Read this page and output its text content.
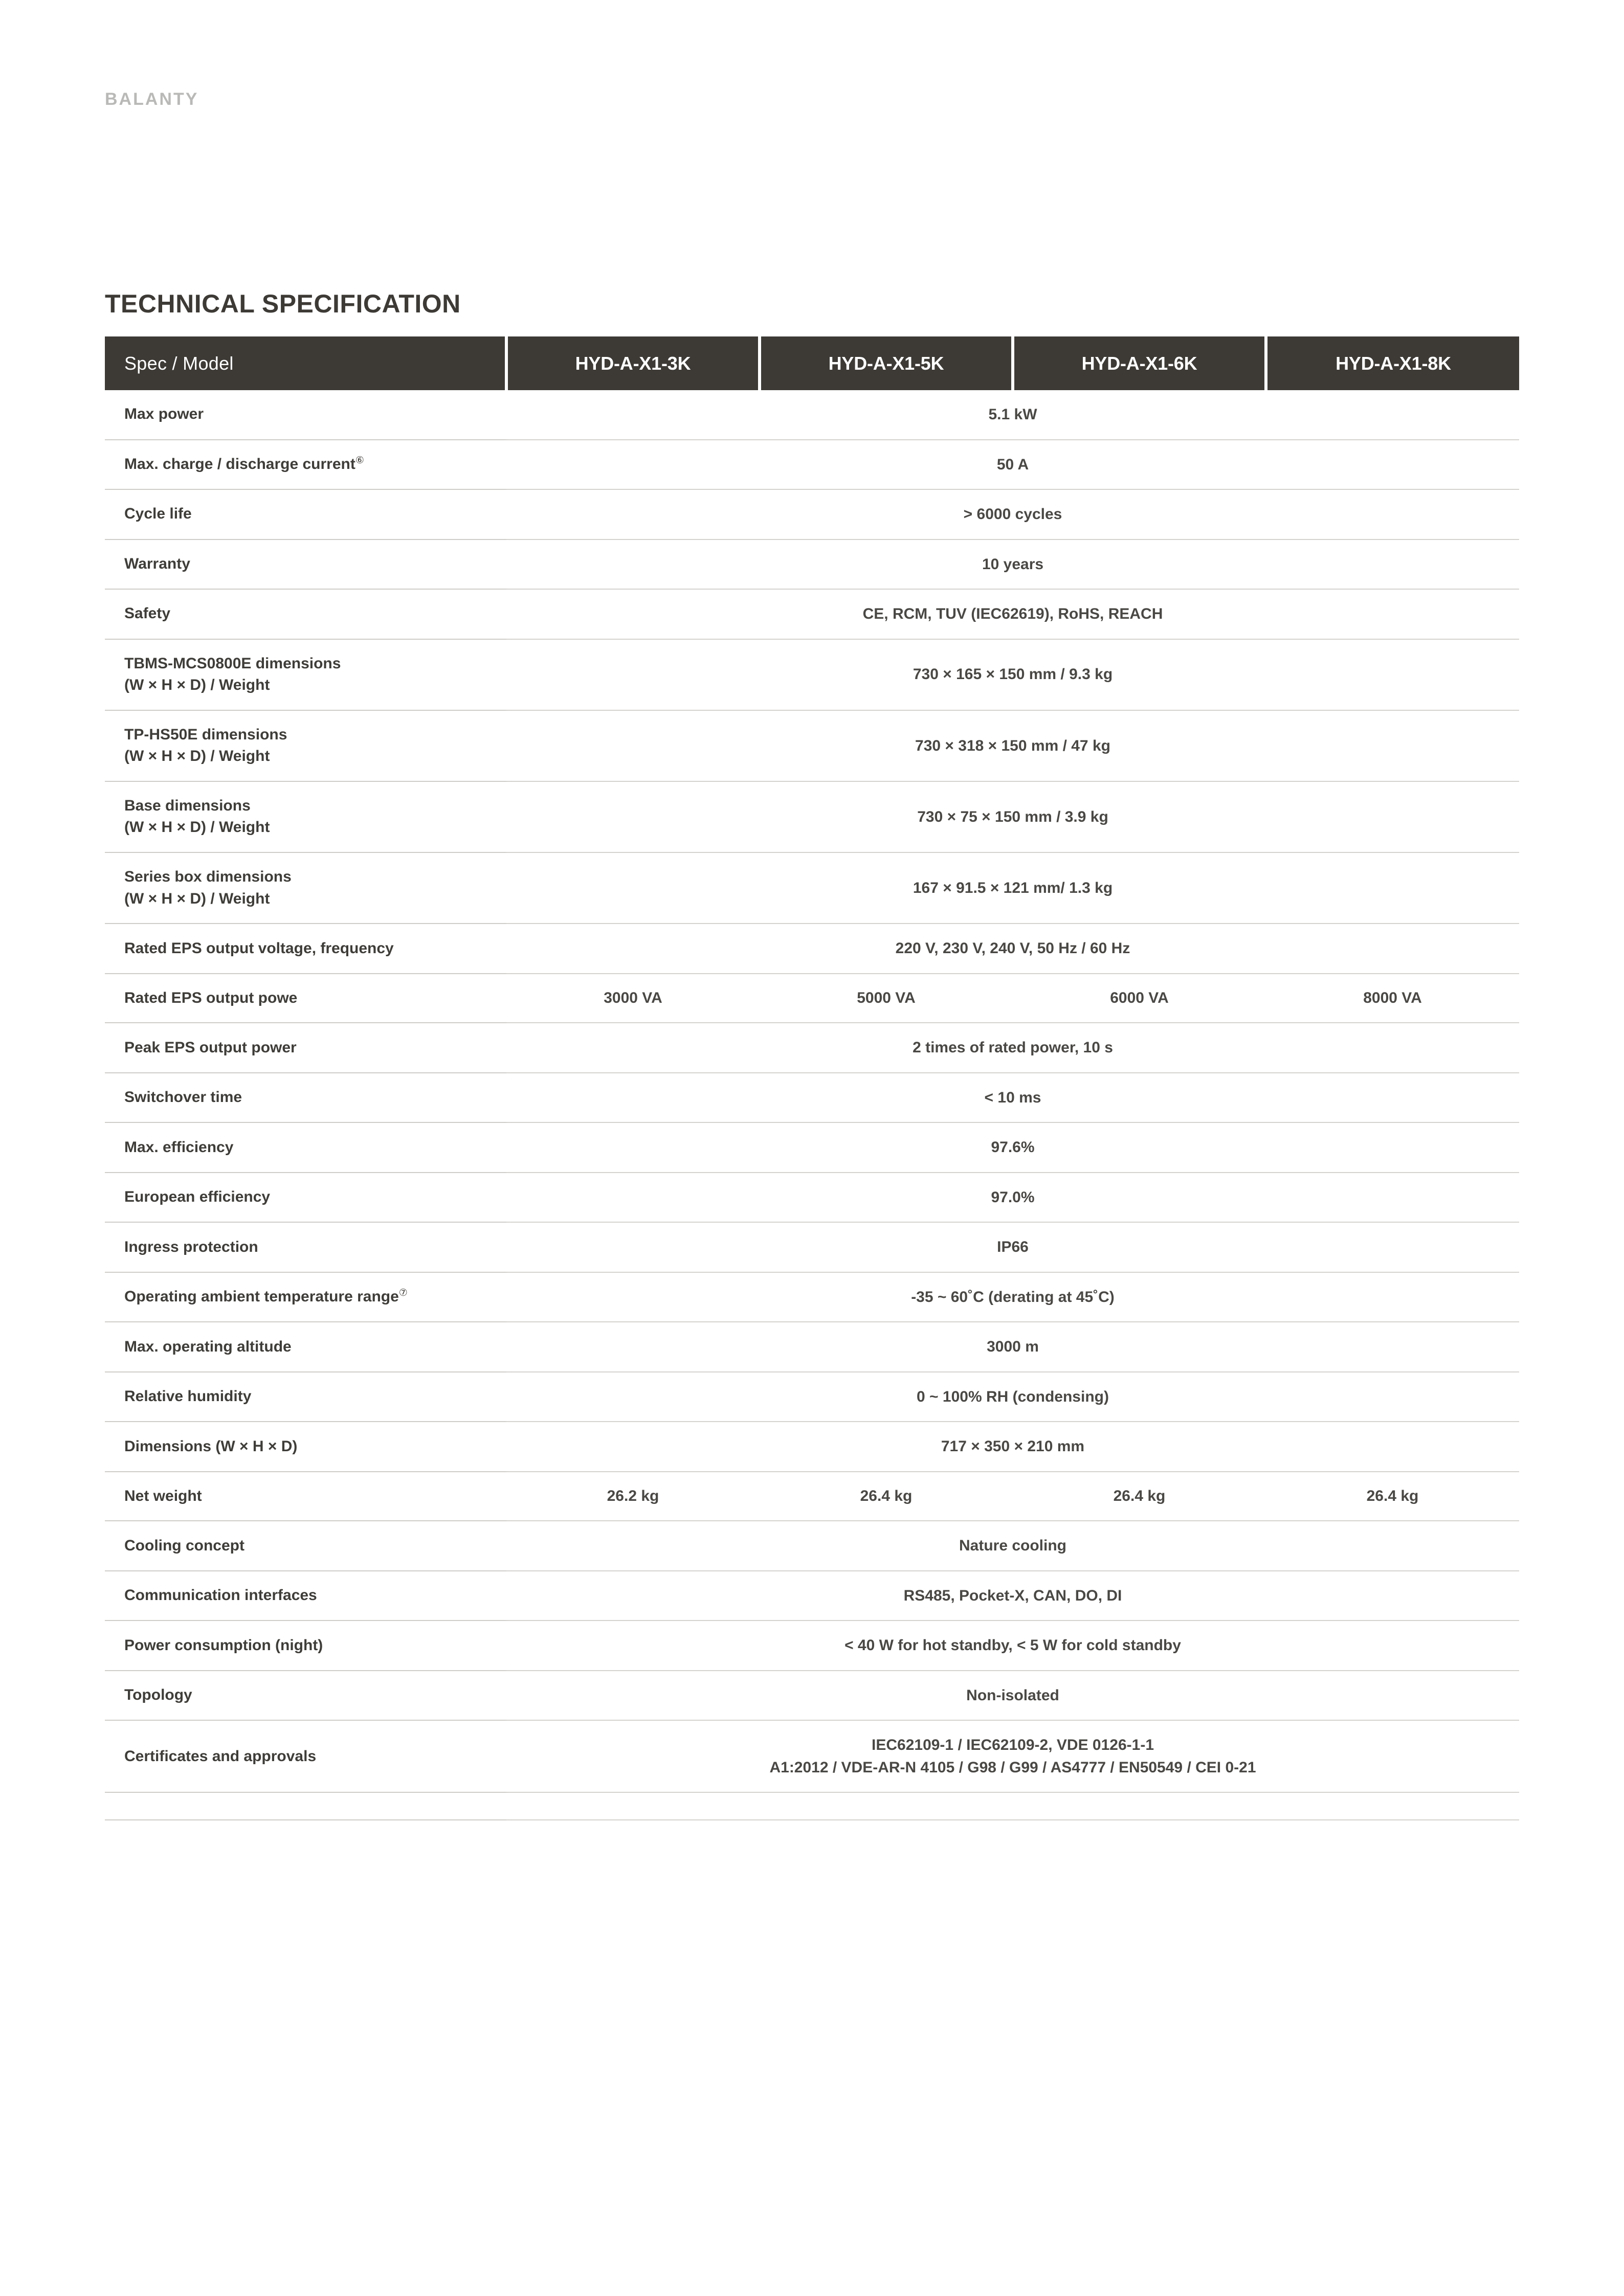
BALANTY
TECHNICAL SPECIFICATION
Spec / Model	HYD-A-X1-3K	HYD-A-X1-5K	HYD-A-X1-6K	HYD-A-X1-8K

Max power	5.1 kW			

Max. charge / discharge current⑥	50 A			

Cycle life	> 6000 cycles			

Warranty	10 years			

Safety	CE, RCM, TUV (IEC62619), RoHS, REACH			

TBMS-MCS0800E dimensions
(W × H × D) / Weight	730 × 165 × 150 mm / 9.3 kg			

TP-HS50E dimensions
(W × H × D) / Weight	730 × 318 × 150 mm / 47 kg			

Base dimensions
(W × H × D) / Weight	730 × 75 × 150 mm / 3.9 kg			

Series box dimensions
(W × H × D) / Weight	167 × 91.5 × 121 mm/ 1.3 kg			

Rated EPS output voltage, frequency	220 V, 230 V, 240 V, 50 Hz / 60 Hz			

Rated EPS output powe	3000 VA	5000 VA	6000 VA	8000 VA

Peak EPS output power	2 times of rated power, 10 s			

Switchover time	< 10 ms			

Max. efficiency	97.6%			

European efficiency	97.0%			

Ingress protection	IP66			

Operating ambient temperature range⑦	-35 ~ 60˚C (derating at 45˚C)			

Max. operating altitude	3000 m			

Relative humidity	0 ~ 100% RH (condensing)			

Dimensions (W × H × D)	717 × 350 × 210 mm			

Net weight	26.2 kg	26.4 kg	26.4 kg	26.4 kg

Cooling concept	Nature cooling			

Communication interfaces	RS485, Pocket-X, CAN, DO, DI			

Power consumption (night)	< 40 W for hot standby, < 5 W for cold standby			

Topology	Non-isolated			

Certificates and approvals	IEC62109-1 / IEC62109-2, VDE 0126-1-1
A1:2012 / VDE-AR-N 4105 / G98 / G99 / AS4777 / EN50549 / CEI 0-21			
